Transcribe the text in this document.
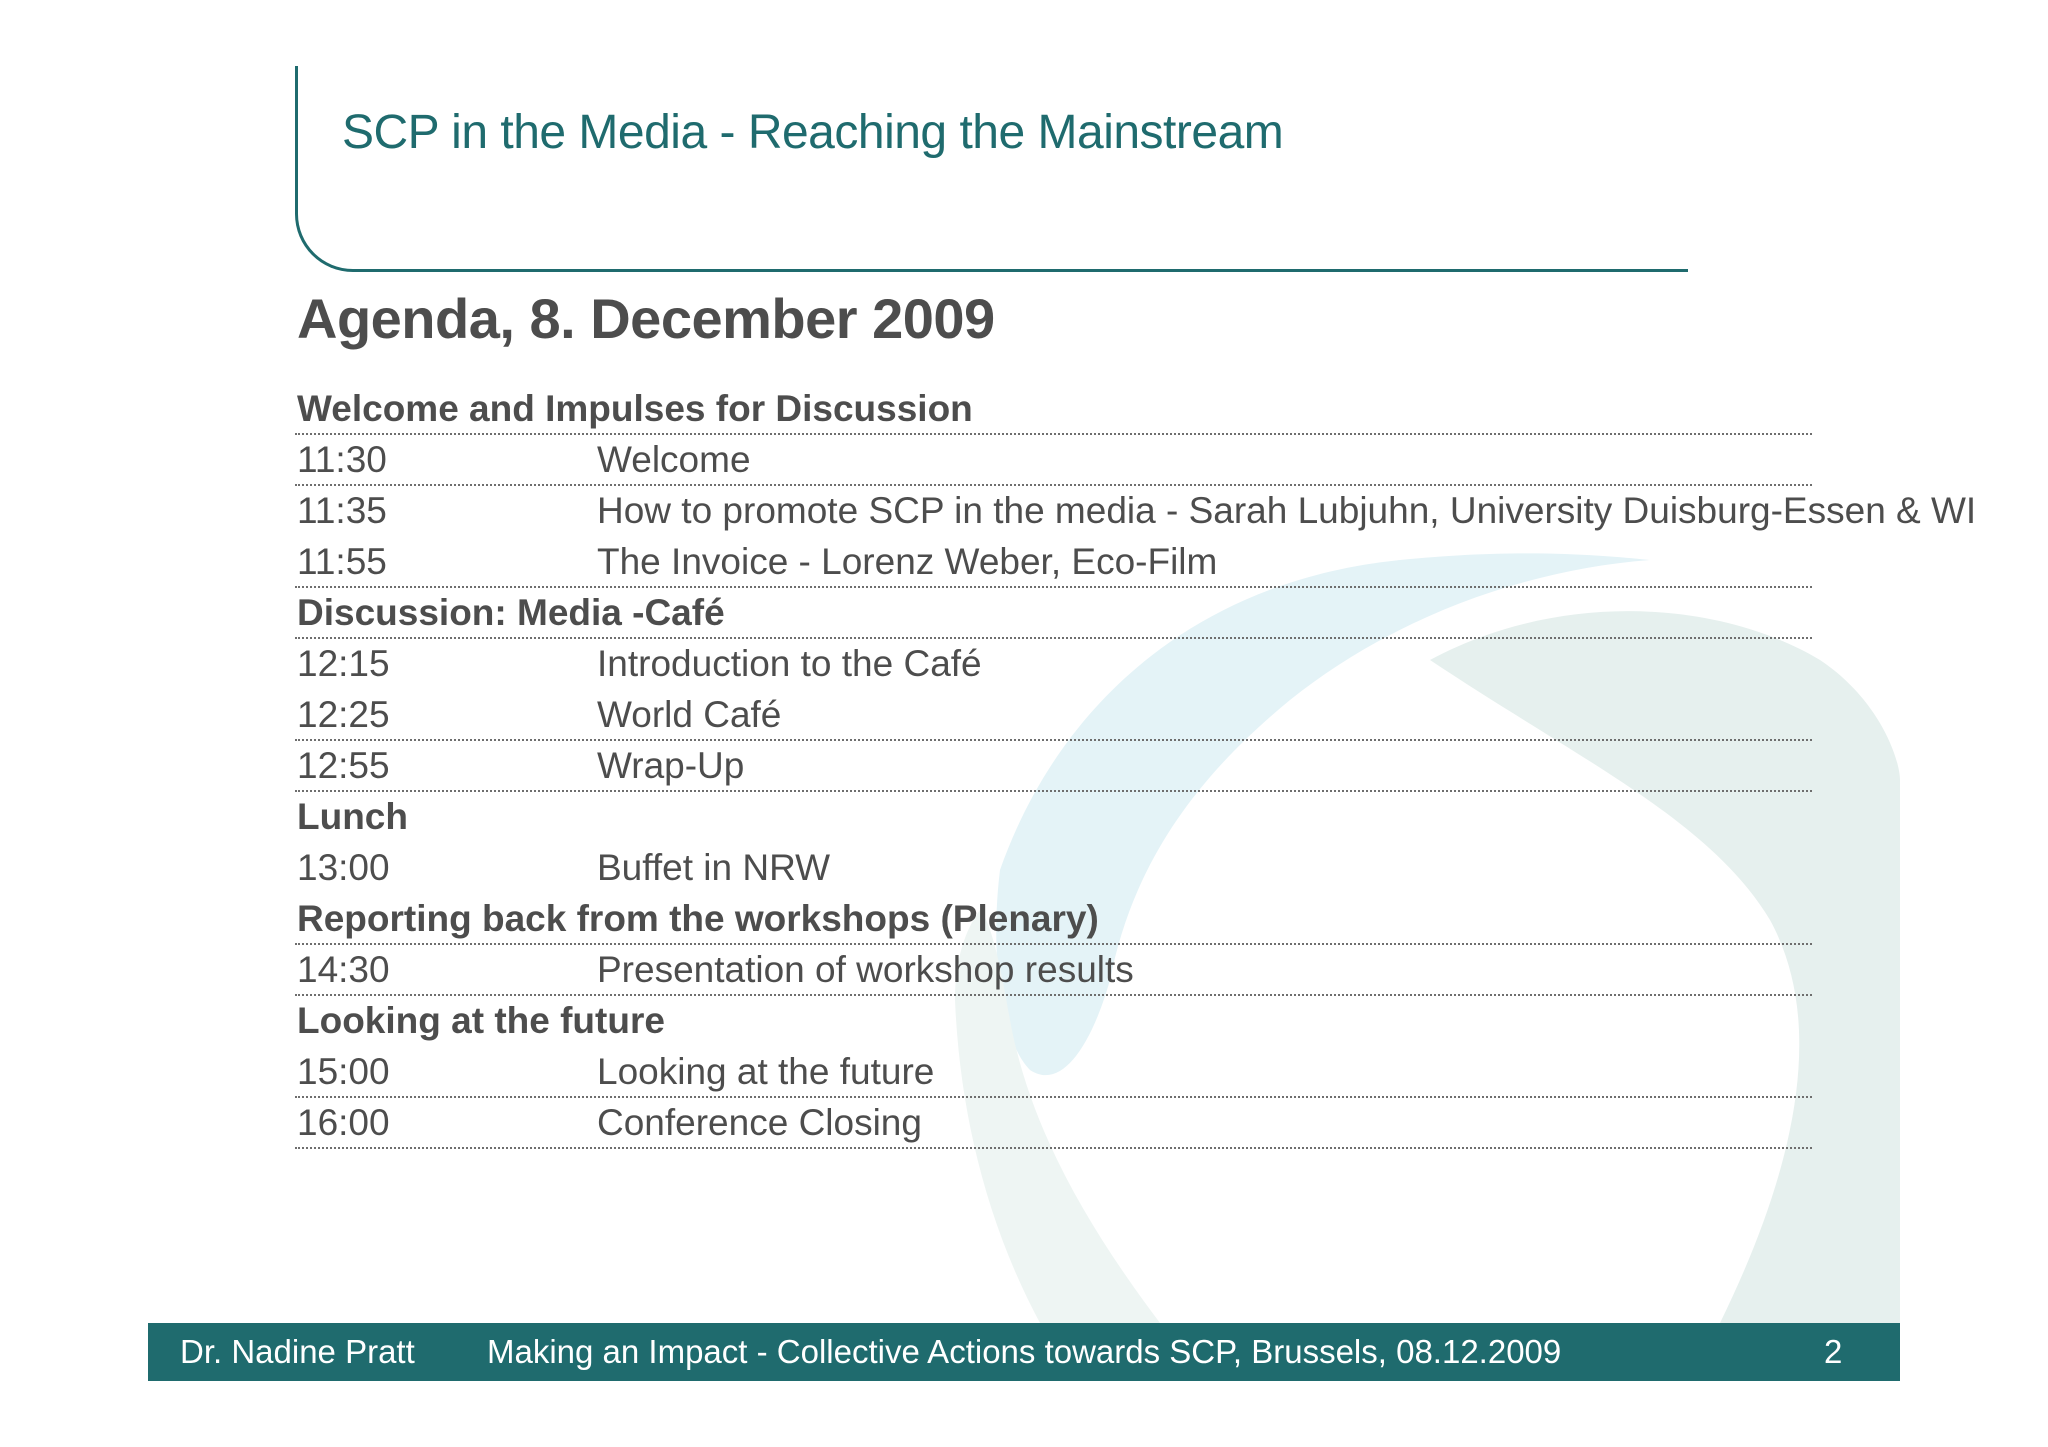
SCP in the Media - Reaching the Mainstream
Agenda, 8. December 2009
Welcome and Impulses for Discussion
11:30	Welcome
11:35	How to promote SCP in the media - Sarah Lubjuhn, University Duisburg-Essen & WI
11:55	The Invoice - Lorenz Weber, Eco-Film
Discussion: Media -Café
12:15	Introduction to the Café
12:25	World Café
12:55	Wrap-Up
Lunch
13:00	Buffet in NRW
Reporting back from the workshops (Plenary)
14:30	Presentation of workshop results
Looking at the future
15:00	Looking at the future
16:00	Conference Closing
Dr. Nadine Pratt Making an Impact - Collective Actions towards SCP, Brussels, 08.12.2009	2
